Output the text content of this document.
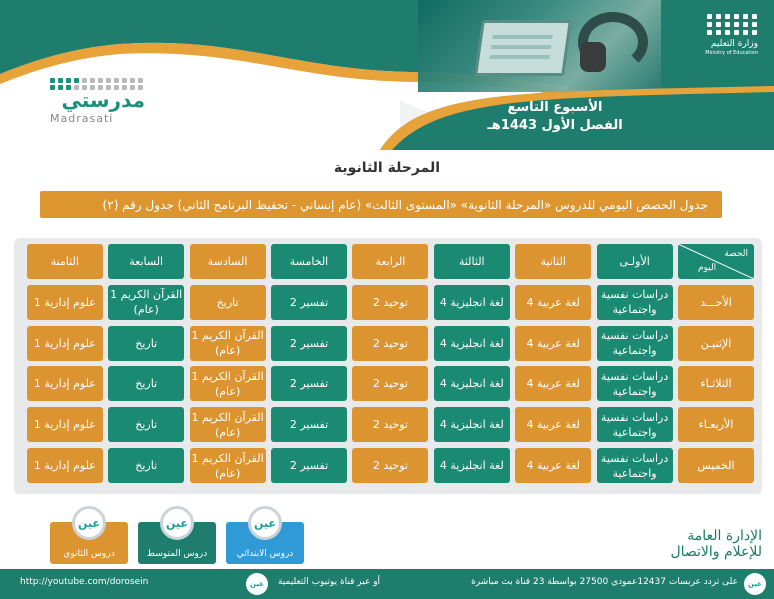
وزارة التعليم
Ministry of Education
الأسبوع التاسع
الفصل الأول 1443هـ
مدرستي
Madrasati
المرحلة الثانوية
جدول الحصص اليومي للدروس «المرحلة الثانوية» «المستوى الثالث» (عام إنساني - تحفيظ البرنامج الثاني) جدول رقم (٢)
الحصة
اليوم
الأولـى
الثانية
الثالثة
الرابعة
الخامسة
السادسة
السابعة
الثامنة
الأحـــد
دراسات نفسية واجتماعية
لغة عربية 4
لغة انجليزية 4
توحيد 2
تفسير 2
تاريخ
القرآن الكريم 1 (عام)
علوم إدارية 1
الإثنيـن
دراسات نفسية واجتماعية
لغة عربية 4
لغة انجليزية 4
توحيد 2
تفسير 2
القرآن الكريم 1 (عام)
تاريخ
علوم إدارية 1
الثلاثـاء
دراسات نفسية واجتماعية
لغة عربية 4
لغة انجليزية 4
توحيد 2
تفسير 2
القرآن الكريم 1 (عام)
تاريخ
علوم إدارية 1
الأربعـاء
دراسات نفسية واجتماعية
لغة عربية 4
لغة انجليزية 4
توحيد 2
تفسير 2
القرآن الكريم 1 (عام)
تاريخ
علوم إدارية 1
الخميس
دراسات نفسية واجتماعية
لغة عربية 4
لغة انجليزية 4
توحيد 2
تفسير 2
القرآن الكريم 1 (عام)
تاريخ
علوم إدارية 1
عين
دروس الابتدائي
عين
دروس المتوسط
عين
دروس الثانوي
الإدارة العامة للإعلام والاتصال
عين
على تردد عربسات 12437عمودي 27500 بواسطة 23 قناة بث مباشرة
عين	أو عبر قناة يوتيوب التعليمية
http://youtube.com/dorosein
